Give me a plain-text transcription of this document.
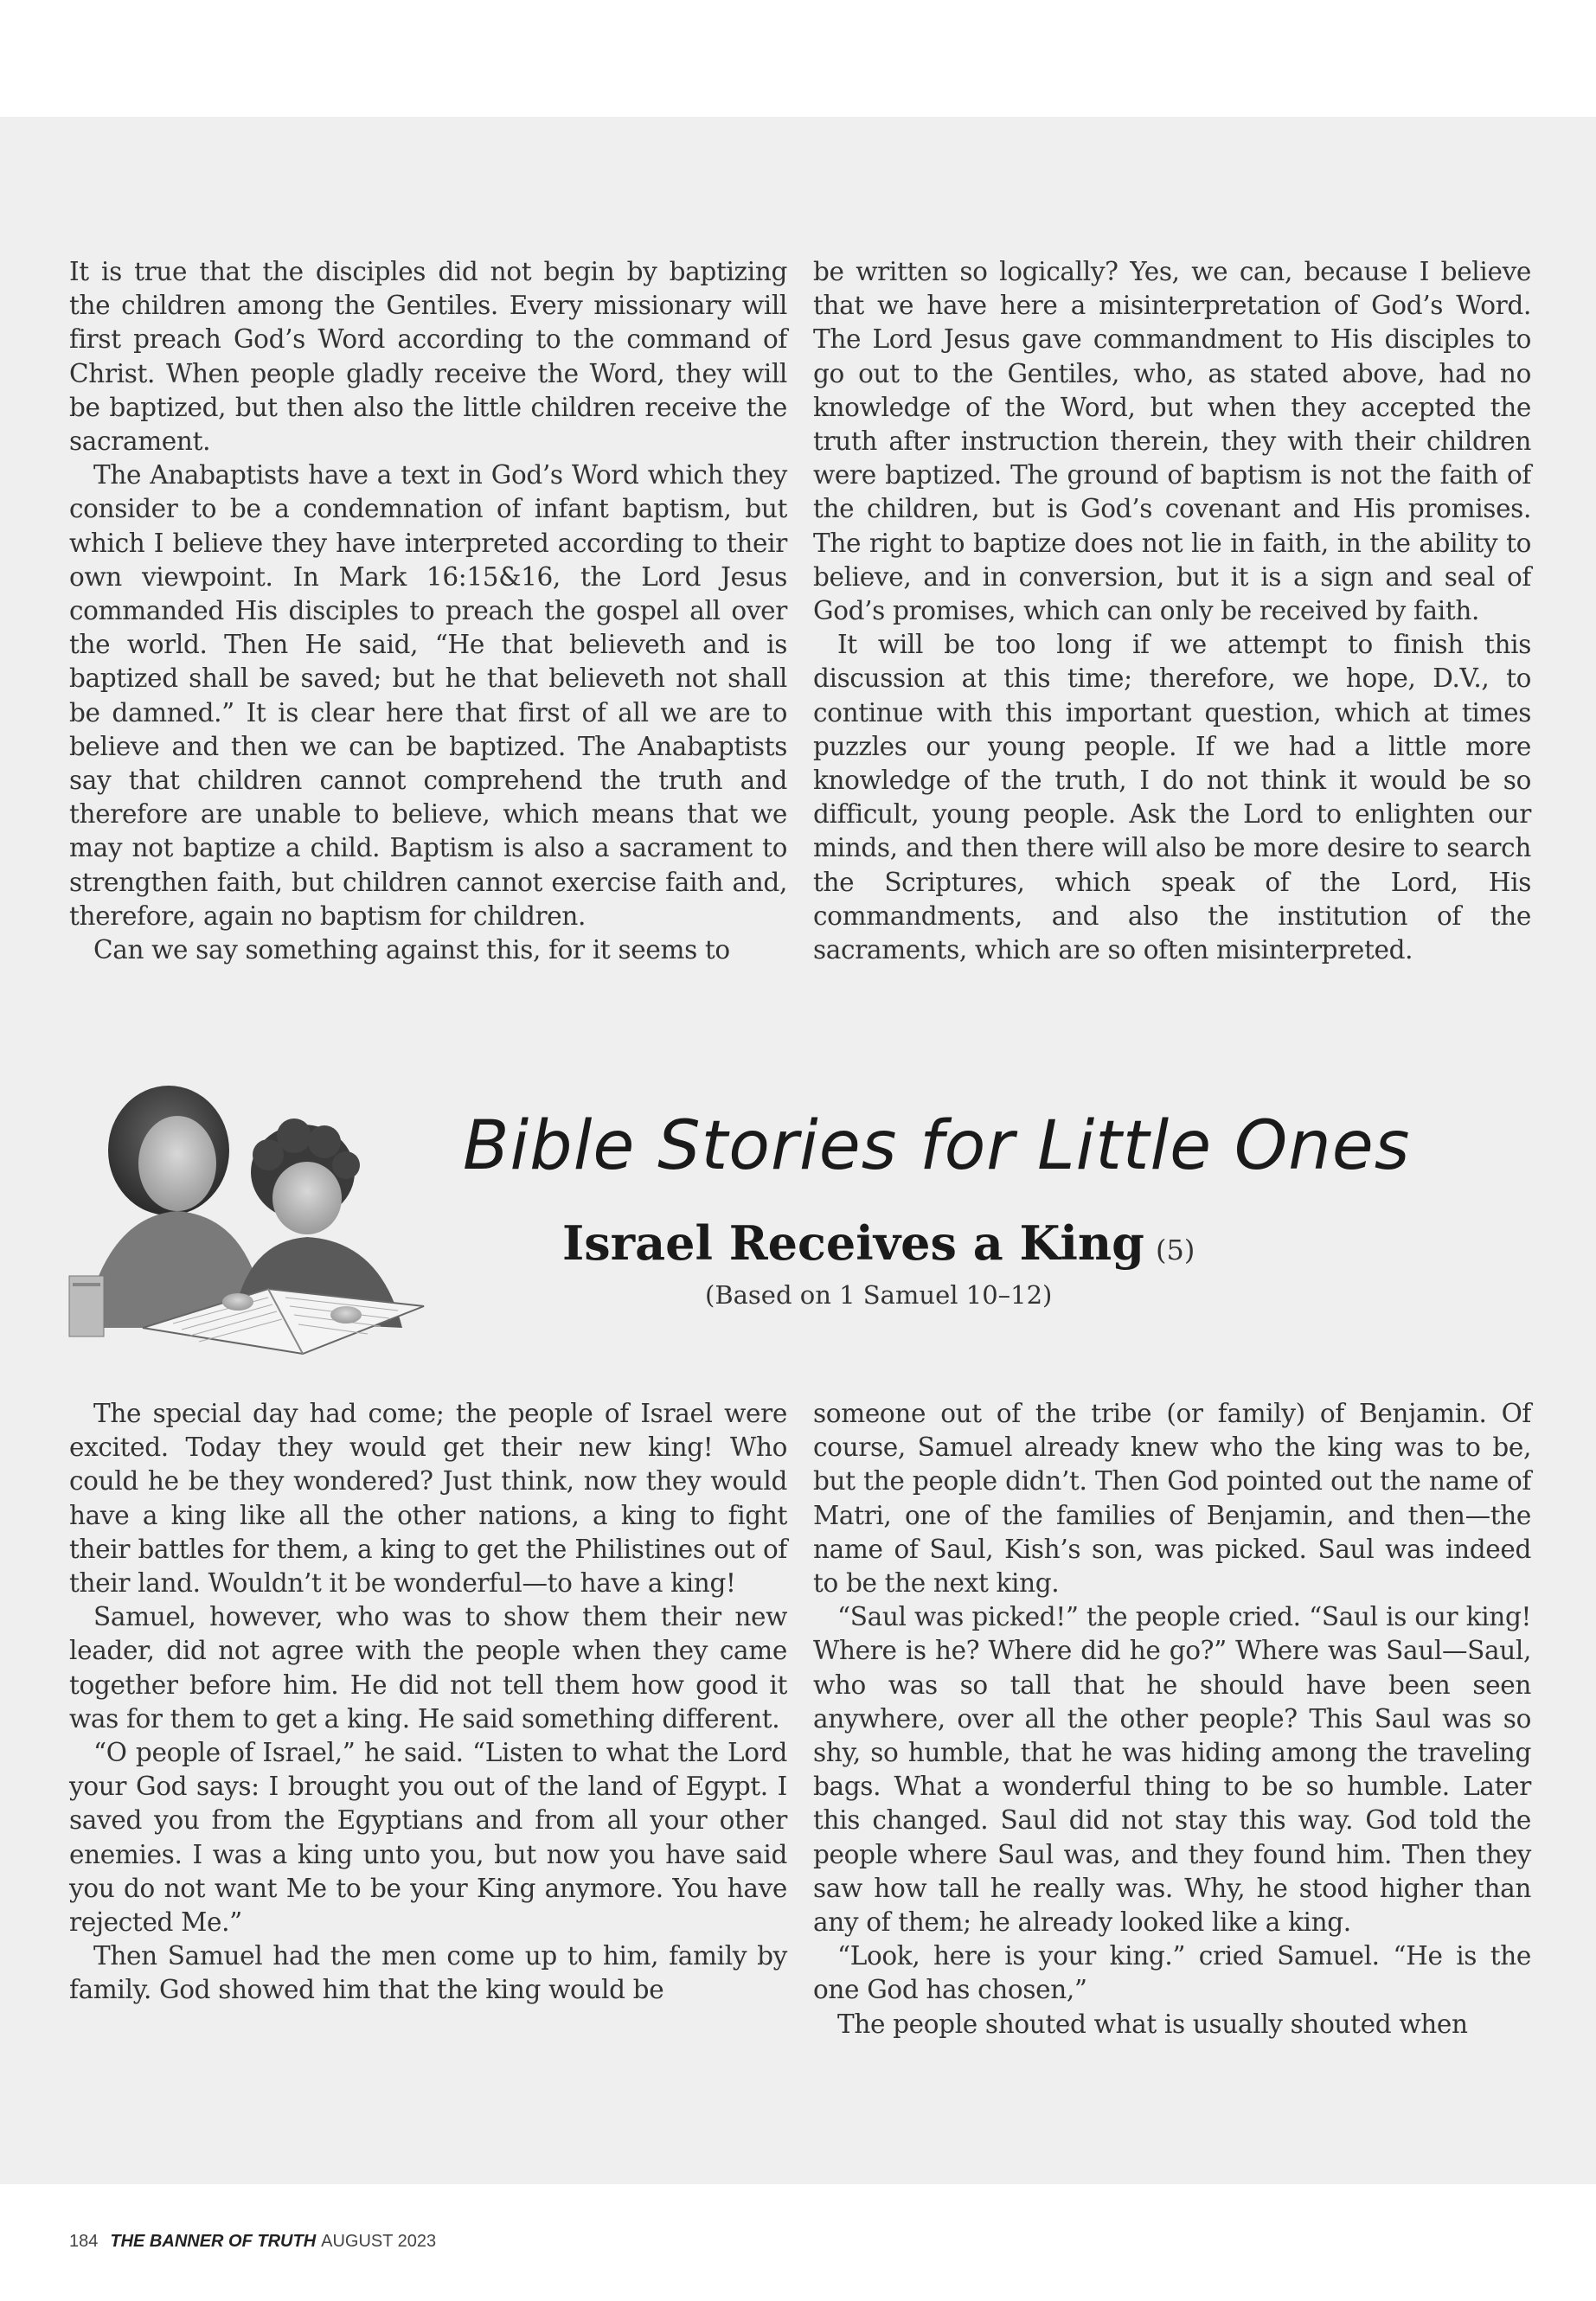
It is true that the disciples did not begin by baptizing the children among the Gentiles. Every missionary will first preach God’s Word according to the command of Christ. When people gladly receive the Word, they will be baptized, but then also the little children receive the sacrament.

The Anabaptists have a text in God’s Word which they consider to be a condemnation of infant baptism, but which I believe they have interpreted according to their own viewpoint. In Mark 16:15&16, the Lord Jesus commanded His disciples to preach the gospel all over the world. Then He said, “He that believeth and is baptized shall be saved; but he that believeth not shall be damned.” It is clear here that first of all we are to believe and then we can be baptized. The Anabaptists say that children cannot comprehend the truth and therefore are unable to believe, which means that we may not baptize a child. Baptism is also a sacrament to strengthen faith, but children cannot exercise faith and, therefore, again no baptism for children.

Can we say something against this, for it seems to

be written so logically? Yes, we can, because I believe that we have here a misinterpretation of God’s Word. The Lord Jesus gave commandment to His disciples to go out to the Gentiles, who, as stated above, had no knowledge of the Word, but when they accepted the truth after instruction therein, they with their children were baptized. The ground of baptism is not the faith of the children, but is God’s covenant and His promises. The right to baptize does not lie in faith, in the ability to believe, and in conversion, but it is a sign and seal of God’s promises, which can only be received by faith.

It will be too long if we attempt to finish this discussion at this time; therefore, we hope, D.V., to continue with this important question, which at times puzzles our young people. If we had a little more knowledge of the truth, I do not think it would be so difficult, young people. Ask the Lord to enlighten our minds, and then there will also be more desire to search the Scriptures, which speak of the Lord, His commandments, and also the institution of the sacraments, which are so often misinterpreted.

Bible Stories for Little Ones
Israel Receives a King (5)
(Based on 1 Samuel 10–12)

The special day had come; the people of Israel were excited. Today they would get their new king! Who could he be they wondered? Just think, now they would have a king like all the other nations, a king to fight their battles for them, a king to get the Philistines out of their land. Wouldn’t it be wonderful—to have a king!

Samuel, however, who was to show them their new leader, did not agree with the people when they came together before him. He did not tell them how good it was for them to get a king. He said something different.

“O people of Israel,” he said. “Listen to what the Lord your God says: I brought you out of the land of Egypt. I saved you from the Egyptians and from all your other enemies. I was a king unto you, but now you have said you do not want Me to be your King anymore. You have rejected Me.”

Then Samuel had the men come up to him, family by family. God showed him that the king would be

someone out of the tribe (or family) of Benjamin. Of course, Samuel already knew who the king was to be, but the people didn’t. Then God pointed out the name of Matri, one of the families of Benjamin, and then—the name of Saul, Kish’s son, was picked. Saul was indeed to be the next king.

“Saul was picked!” the people cried. “Saul is our king! Where is he? Where did he go?” Where was Saul—Saul, who was so tall that he should have been seen anywhere, over all the other people? This Saul was so shy, so humble, that he was hiding among the traveling bags. What a wonderful thing to be so humble. Later this changed. Saul did not stay this way. God told the people where Saul was, and they found him. Then they saw how tall he really was. Why, he stood higher than any of them; he already looked like a king.

“Look, here is your king.” cried Samuel. “He is the one God has chosen,”

The people shouted what is usually shouted when

184 THE BANNER OF TRUTH AUGUST 2023
